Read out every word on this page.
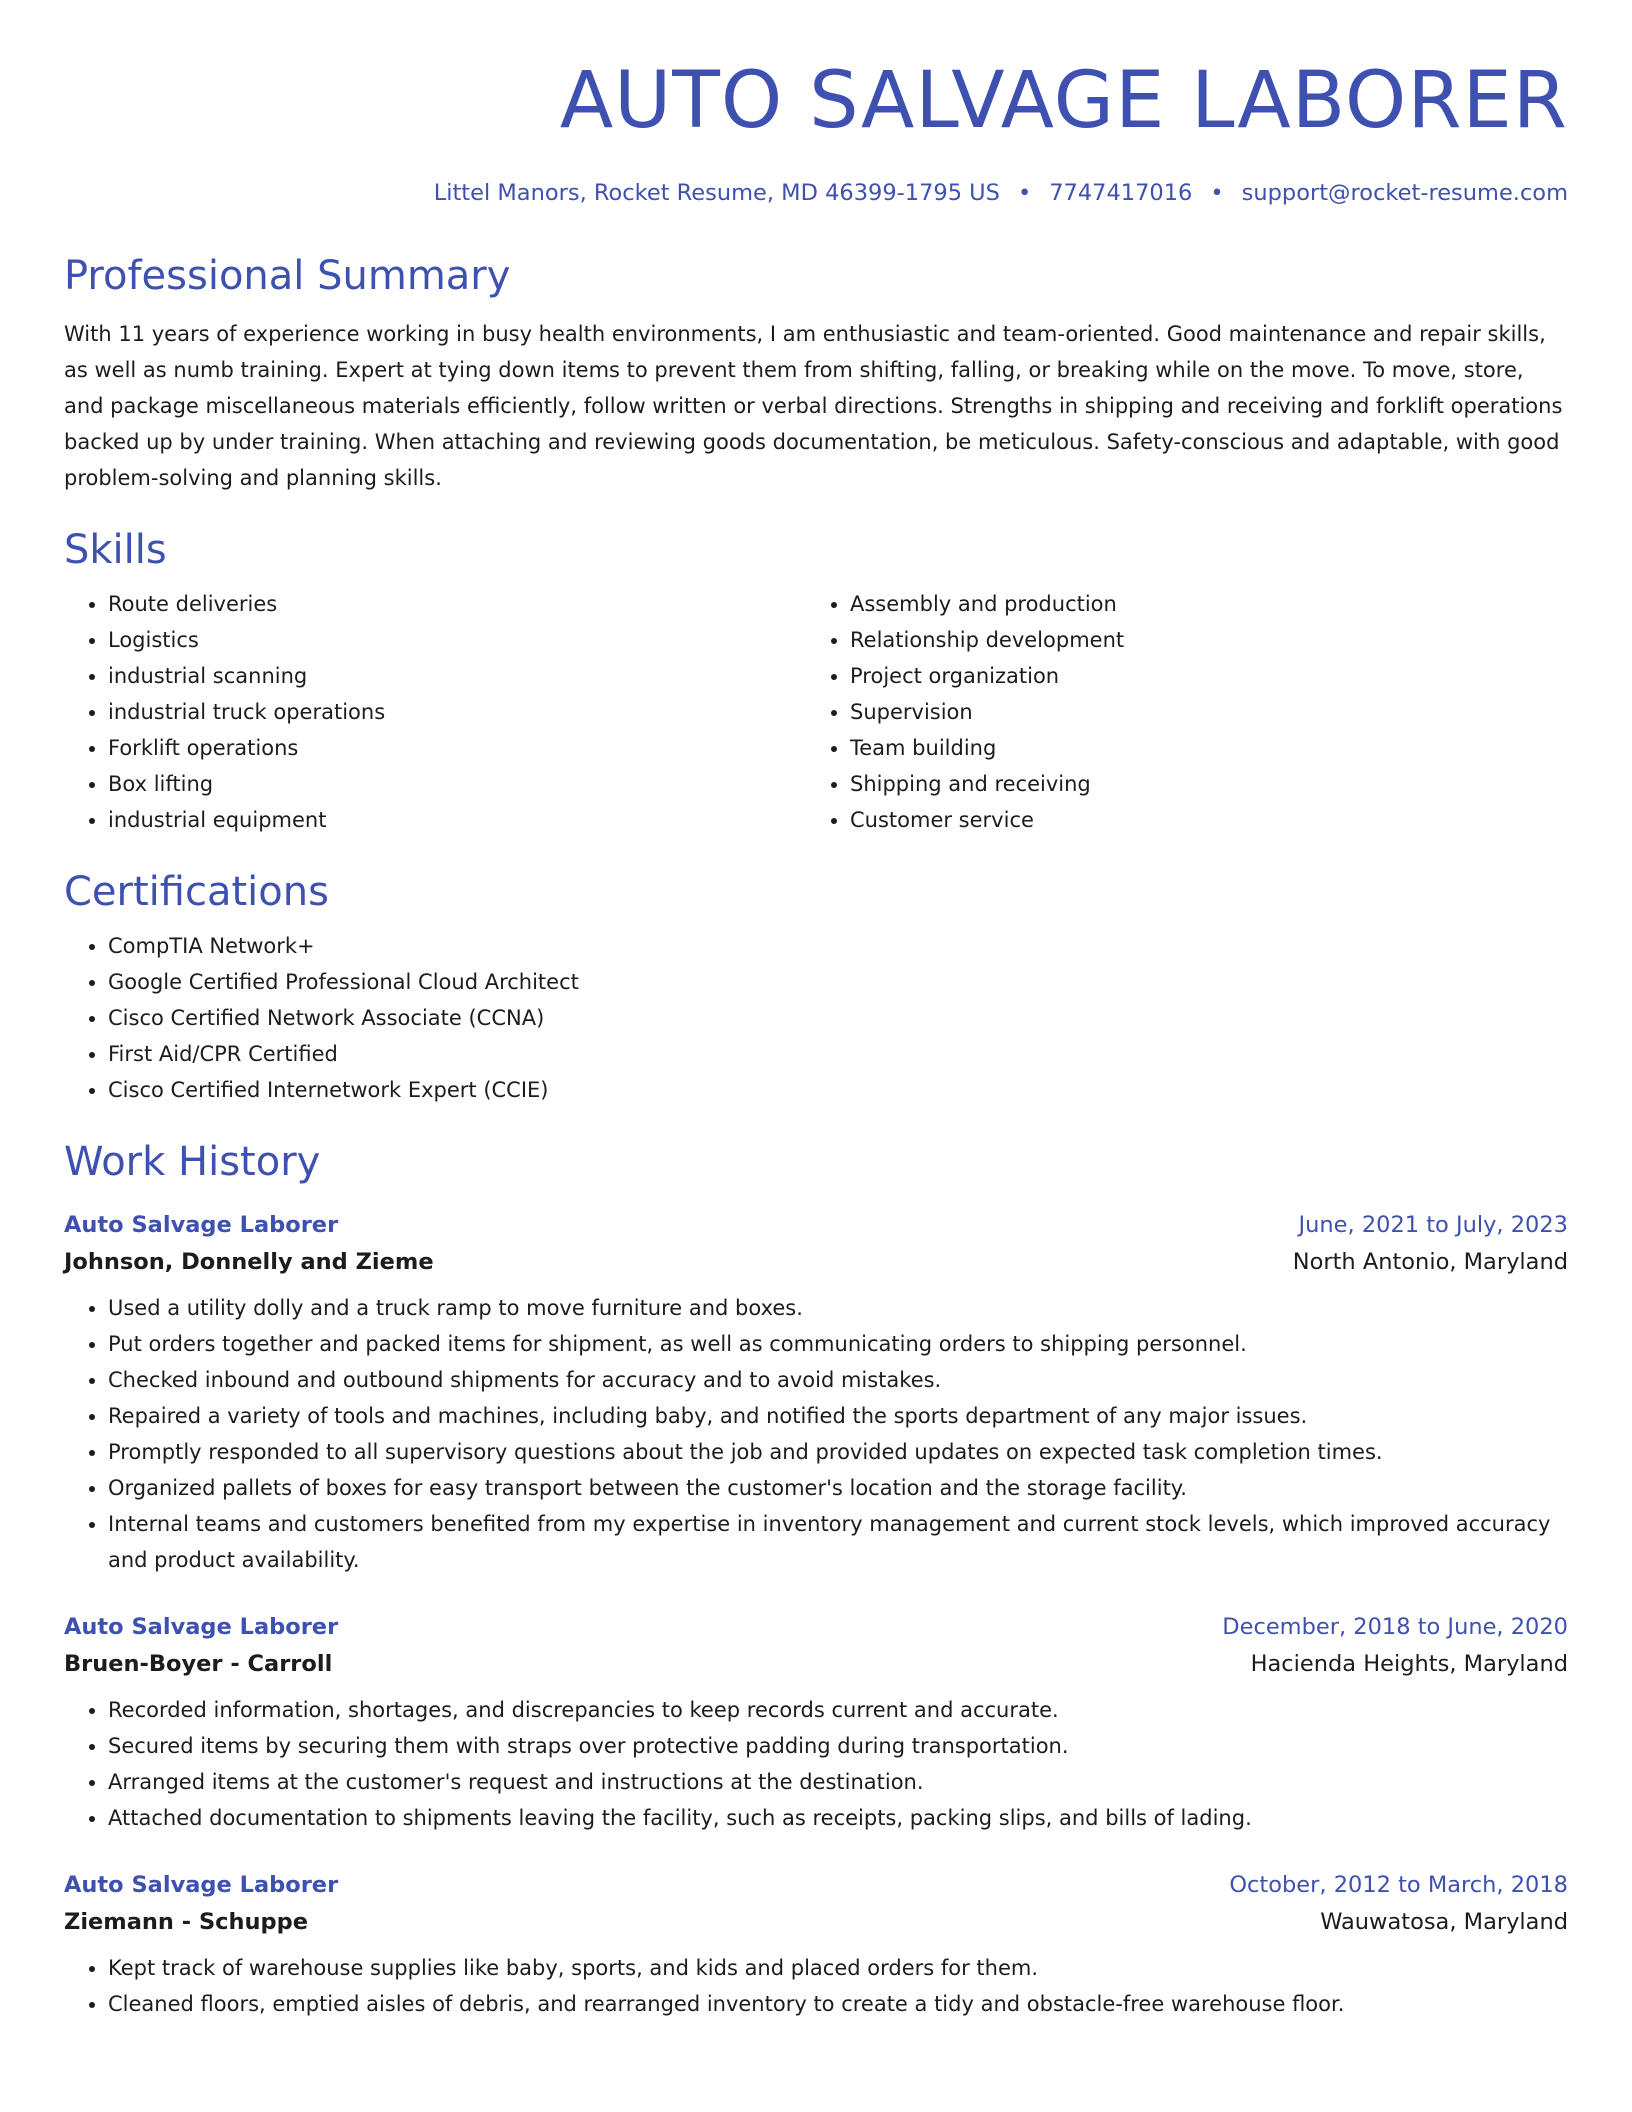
AUTO SALVAGE LABORER
Littel Manors, Rocket Resume, MD 46399-1795 US • 7747417016 • support@rocket-resume.com
Professional Summary
With 11 years of experience working in busy health environments, I am enthusiastic and team-oriented. Good maintenance and repair skills, as well as numb training. Expert at tying down items to prevent them from shifting, falling, or breaking while on the move. To move, store, and package miscellaneous materials efficiently, follow written or verbal directions. Strengths in shipping and receiving and forklift operations backed up by under training. When attaching and reviewing goods documentation, be meticulous. Safety-conscious and adaptable, with good problem-solving and planning skills.
Skills
• Route deliveries
• Logistics
• industrial scanning
• industrial truck operations
• Forklift operations
• Box lifting
• industrial equipment
• Assembly and production
• Relationship development
• Project organization
• Supervision
• Team building
• Shipping and receiving
• Customer service
Certifications
• CompTIA Network+
• Google Certified Professional Cloud Architect
• Cisco Certified Network Associate (CCNA)
• First Aid/CPR Certified
• Cisco Certified Internetwork Expert (CCIE)
Work History
Auto Salvage Laborer	June, 2021 to July, 2023
Johnson, Donnelly and Zieme	North Antonio, Maryland
• Used a utility dolly and a truck ramp to move furniture and boxes.
• Put orders together and packed items for shipment, as well as communicating orders to shipping personnel.
• Checked inbound and outbound shipments for accuracy and to avoid mistakes.
• Repaired a variety of tools and machines, including baby, and notified the sports department of any major issues.
• Promptly responded to all supervisory questions about the job and provided updates on expected task completion times.
• Organized pallets of boxes for easy transport between the customer's location and the storage facility.
• Internal teams and customers benefited from my expertise in inventory management and current stock levels, which improved accuracy and product availability.
Auto Salvage Laborer	December, 2018 to June, 2020
Bruen-Boyer - Carroll	Hacienda Heights, Maryland
• Recorded information, shortages, and discrepancies to keep records current and accurate.
• Secured items by securing them with straps over protective padding during transportation.
• Arranged items at the customer's request and instructions at the destination.
• Attached documentation to shipments leaving the facility, such as receipts, packing slips, and bills of lading.
Auto Salvage Laborer	October, 2012 to March, 2018
Ziemann - Schuppe	Wauwatosa, Maryland
• Kept track of warehouse supplies like baby, sports, and kids and placed orders for them.
• Cleaned floors, emptied aisles of debris, and rearranged inventory to create a tidy and obstacle-free warehouse floor.
